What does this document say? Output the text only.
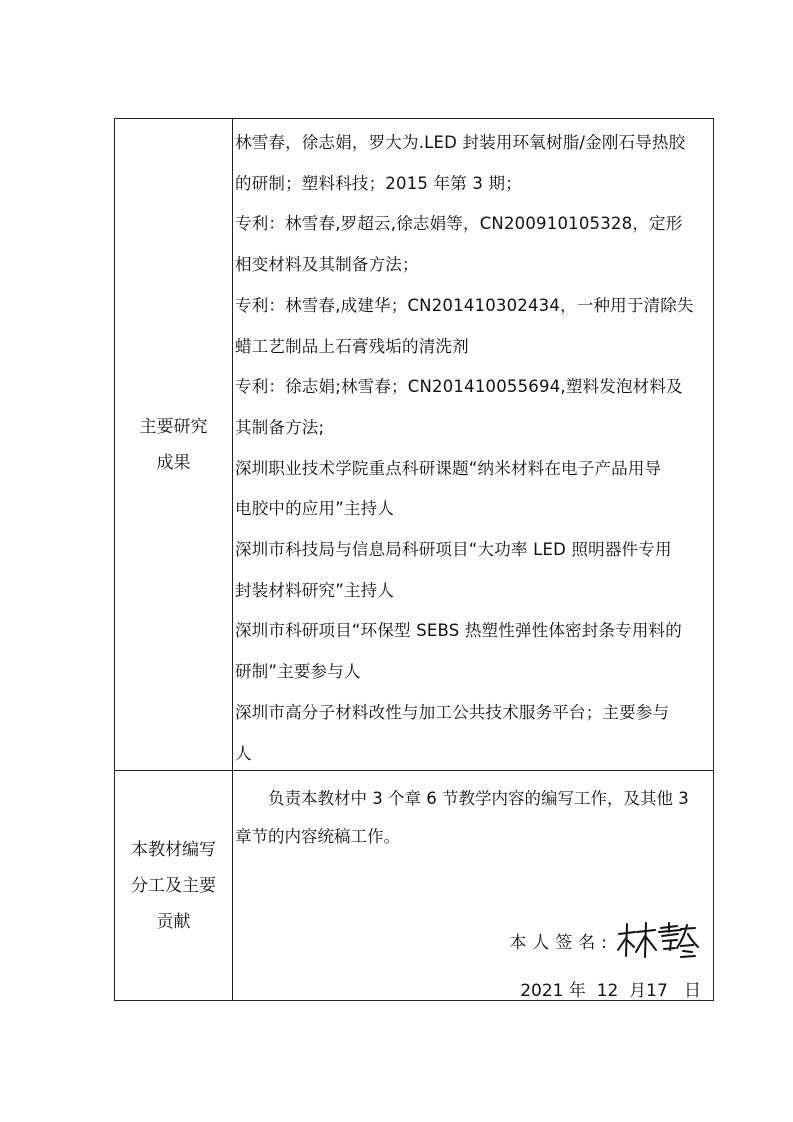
主要研究
成果

林雪春，徐志娟，罗大为.LED 封装用环氧树脂/金刚石导热胶

的研制；塑料科技；2015 年第 3 期；

专利：林雪春,罗超云,徐志娟等，CN200910105328，定形

相变材料及其制备方法；

专利：林雪春,成建华；CN201410302434，一种用于清除失

蜡工艺制品上石膏残垢的清洗剂

专利：徐志娟;林雪春；CN201410055694,塑料发泡材料及

其制备方法;

深圳职业技术学院重点科研课题“纳米材料在电子产品用导

电胶中的应用”主持人

深圳市科技局与信息局科研项目“大功率 LED 照明器件专用

封装材料研究”主持人

深圳市科研项目“环保型 SEBS 热塑性弹性体密封条专用料的

研制”主要参与人

深圳市高分子材料改性与加工公共技术服务平台；主要参与

人

本教材编写
分工及主要
贡献

负责本教材中 3 个章 6 节教学内容的编写工作，及其他 3 章节的内容统稿工作。

本人签名:
2021 年  12  月17   日
